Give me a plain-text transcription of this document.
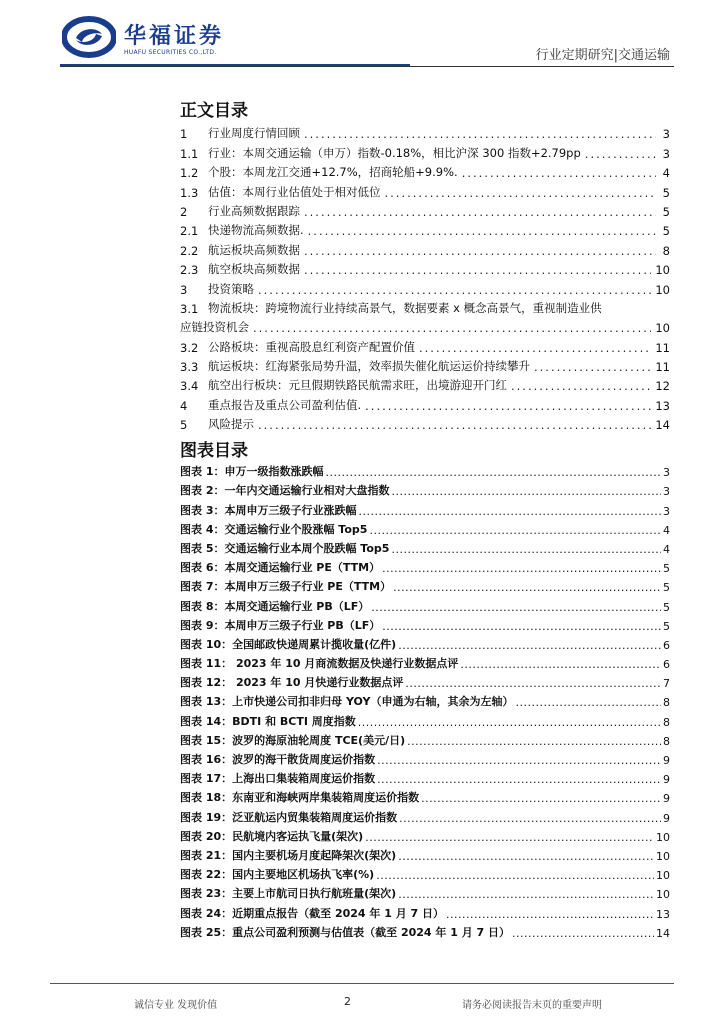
华福证券
HUAFU SECURITIES CO.,LTD.	行业定期研究|交通运输
正文目录
1	行业周度行情回顾 .....	3
1.1 行业：本周交通运输（申万）指数-0.18%，相比沪深 300 指数+2.79pp .....	3
1.2 个股：本周龙江交通+12.7%，招商轮船+9.9%. .....	4
1.3 估值：本周行业估值处于相对低位 .....	5
2	行业高频数据跟踪 .....	5
2.1 快递物流高频数据. .....	5
2.2 航运板块高频数据 .....	8
2.3 航空板块高频数据 .....	10
3	投资策略 .....	10
3.1 物流板块：跨境物流行业持续高景气，数据要素 x 概念高景气，重视制造业供
应链投资机会 .....	10
3.2 公路板块：重视高股息红利资产配置价值 .....	11
3.3 航运板块：红海紧张局势升温，效率损失催化航运运价持续攀升 .....	11
3.4 航空出行板块：元旦假期铁路民航需求旺，出境游迎开门红 .....	12
4	重点报告及重点公司盈利估值. .....	13
5	风险提示 .....	14
图表目录
图表 1：申万一级指数涨跌幅 .....	3
图表 2：一年内交通运输行业相对大盘指数 .....	3
图表 3：本周申万三级子行业涨跌幅 .....	3
图表 4：交通运输行业个股涨幅 Top5 .....	4
图表 5：交通运输行业本周个股跌幅 Top5 .....	4
图表 6：本周交通运输行业 PE（TTM） .....	5
图表 7：本周申万三级子行业 PE（TTM） .....	5
图表 8：本周交通运输行业 PB（LF） .....	5
图表 9：本周申万三级子行业 PB（LF） .....	5
图表 10：全国邮政快递周累计揽收量(亿件) .....	6
图表 11： 2023 年 10 月商流数据及快递行业数据点评 .....	6
图表 12： 2023 年 10 月快递行业数据点评 .....	7
图表 13：上市快递公司扣非归母 YOY（申通为右轴，其余为左轴） .....	8
图表 14：BDTI 和 BCTI 周度指数 .....	8
图表 15：波罗的海原油轮周度 TCE(美元/日) .....	8
图表 16：波罗的海干散货周度运价指数 .....	9
图表 17：上海出口集装箱周度运价指数 .....	9
图表 18：东南亚和海峡两岸集装箱周度运价指数 .....	9
图表 19：泛亚航运内贸集装箱周度运价指数 .....	9
图表 20：民航境内客运执飞量(架次) .....	10
图表 21：国内主要机场月度起降架次(架次) .....	10
图表 22：国内主要地区机场执飞率(%) .....	10
图表 23：主要上市航司日执行航班量(架次) .....	10
图表 24：近期重点报告（截至 2024 年 1 月 7 日） .....	13
图表 25：重点公司盈利预测与估值表（截至 2024 年 1 月 7 日） .....	14
诚信专业 发现价值	2	请务必阅读报告末页的重要声明
